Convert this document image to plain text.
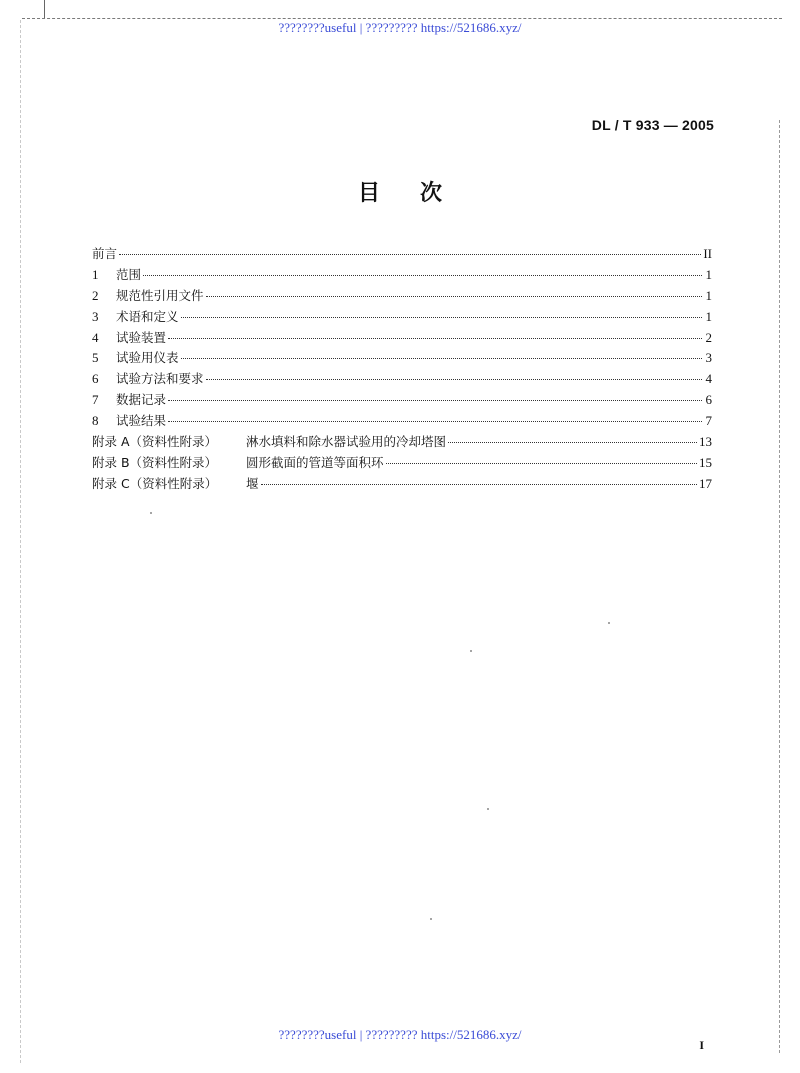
????????useful | ????????? https://521686.xyz/
DL / T 933 — 2005
目次
前言	II
1	范围	1
2	规范性引用文件	1
3	术语和定义	1
4	试验装置	2
5	试验用仪表	3
6	试验方法和要求	4
7	数据记录	6
8	试验结果	7
附录 A（资料性附录）	淋水填料和除水器试验用的冷却塔图	13
附录 B（资料性附录）	圆形截面的管道等面积环	15
附录 C（资料性附录）	堰	17
????????useful | ????????? https://521686.xyz/
I
